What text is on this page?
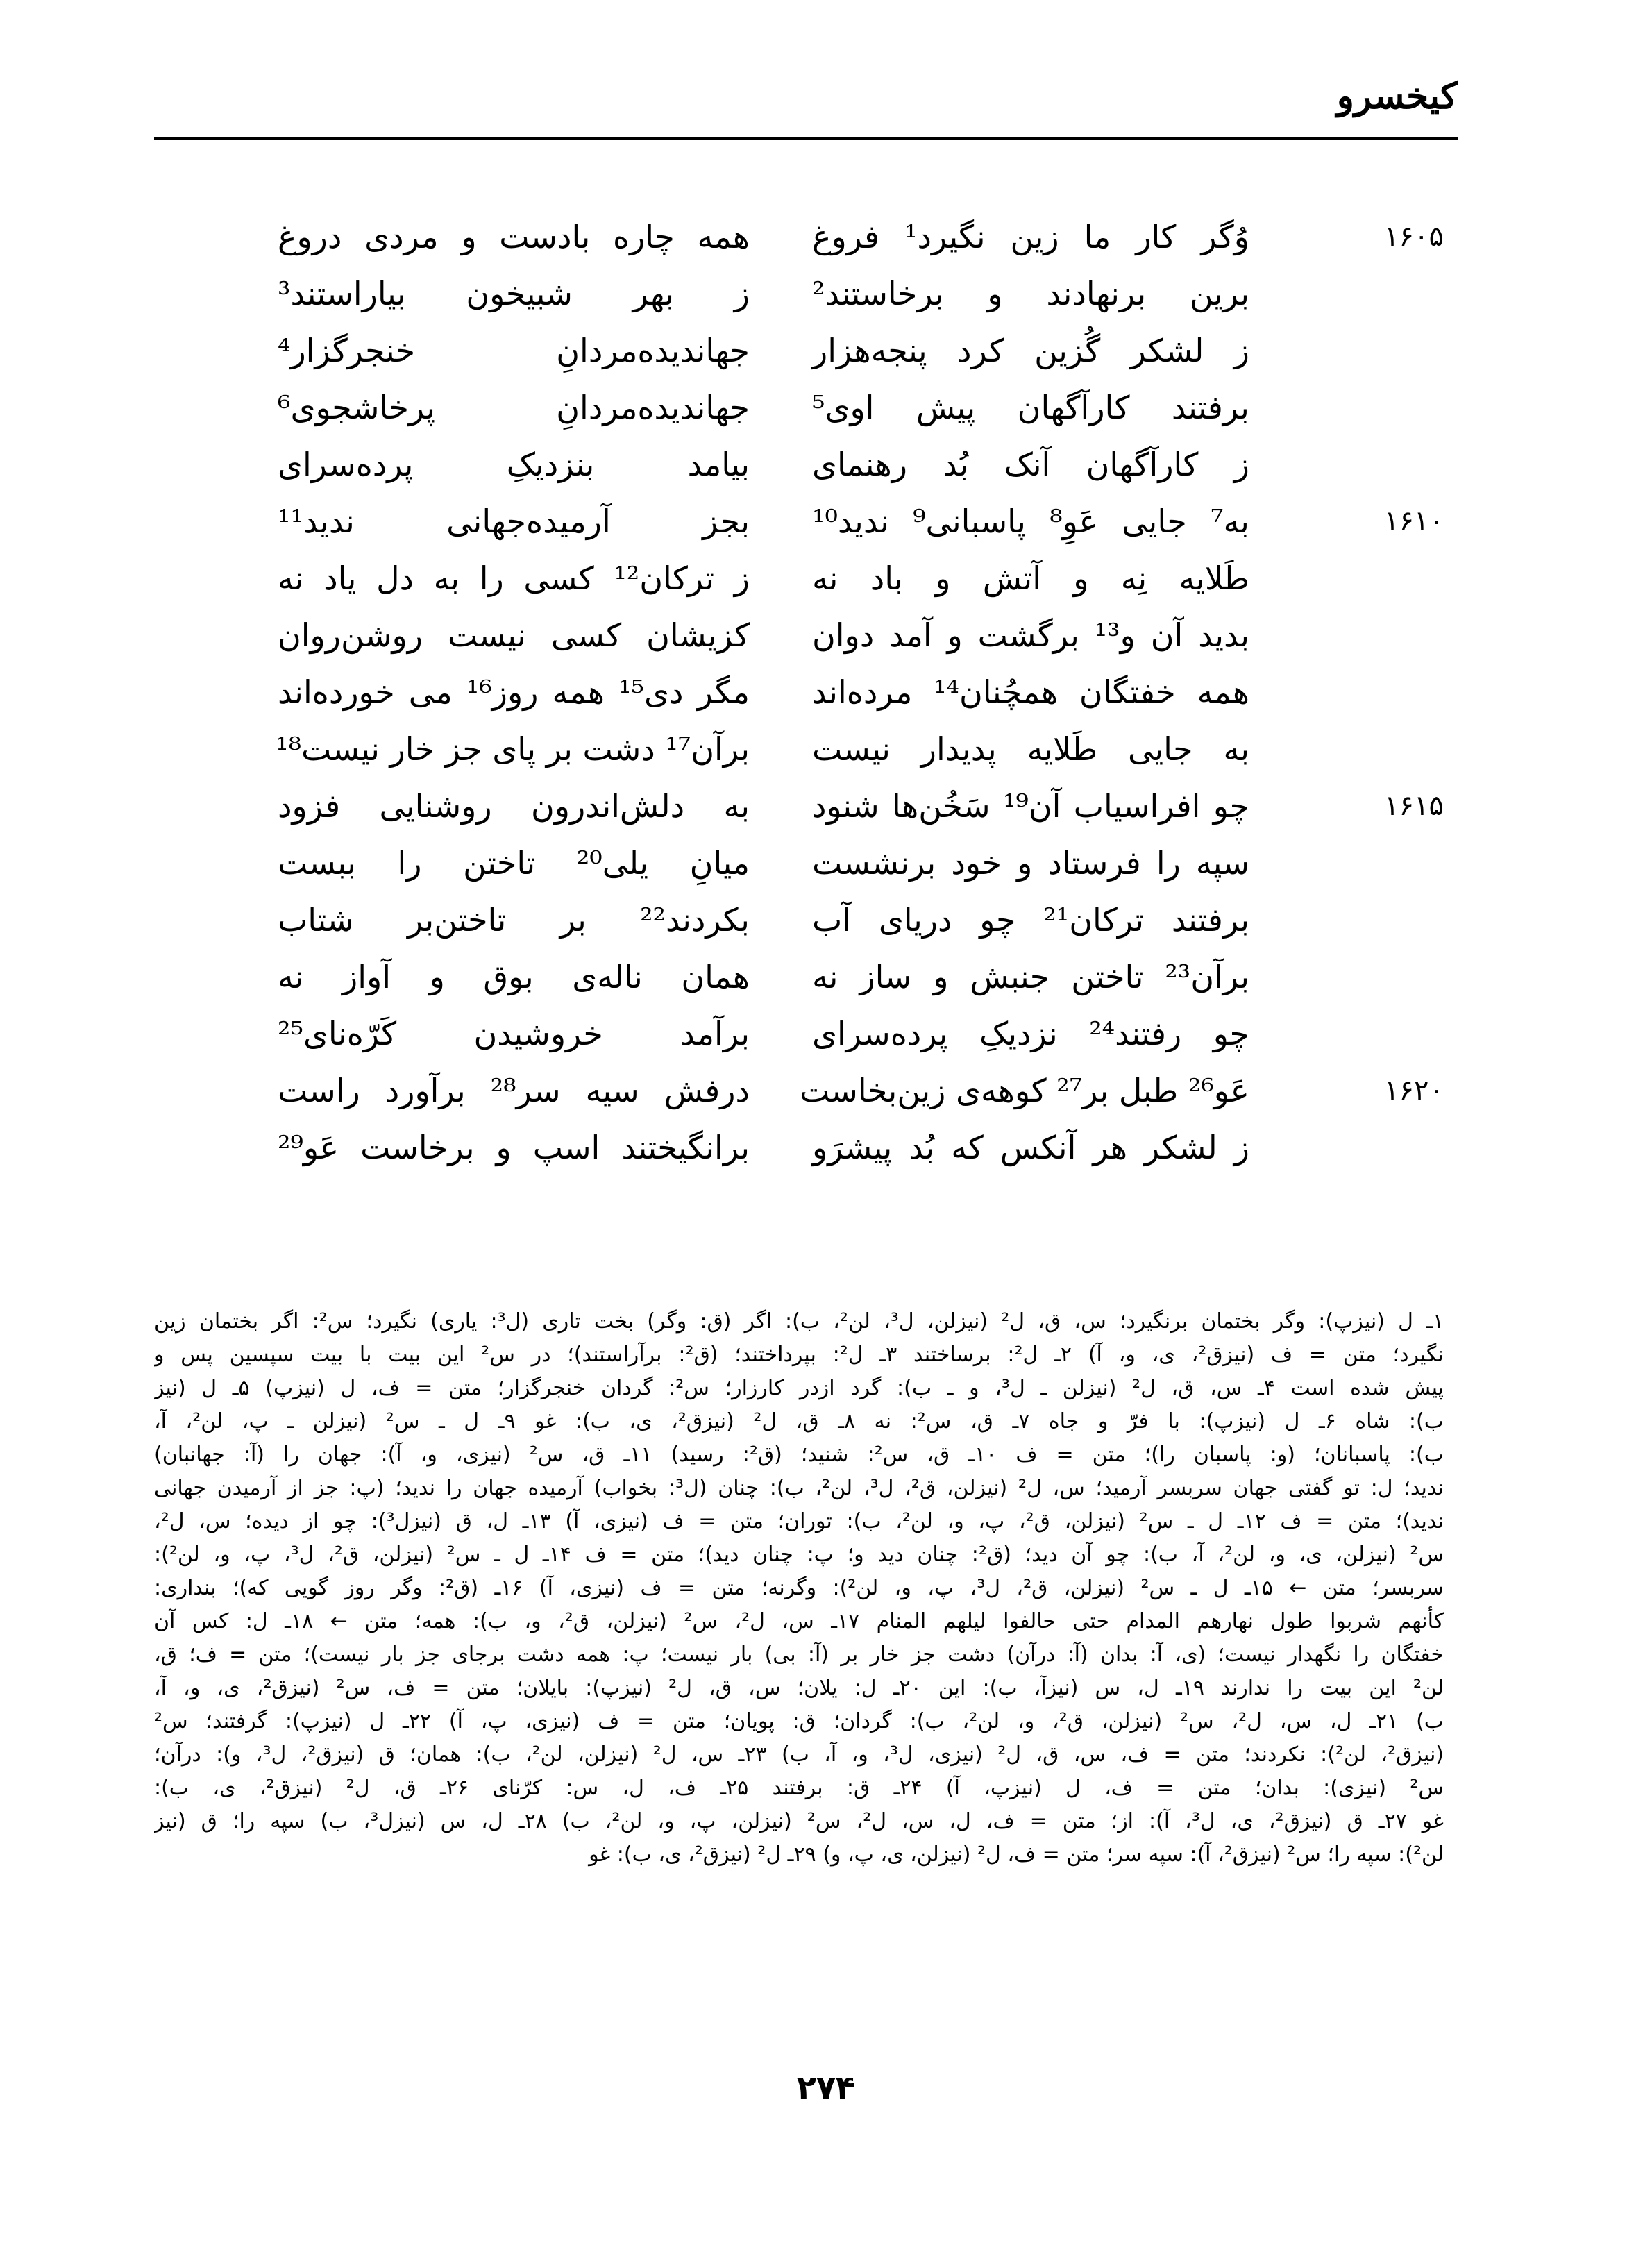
کیخسرو
۱۶۰۵
وُگر کار ما زین نگیرد¹ فروغ
همه چاره بادست و مردی دروغ
برین برنهادند و برخاستند²
ز بهر شبیخون بیاراستند³
ز لشکر گُزین کرد پنجه‌هزار
جهاندیده‌مردانِ خنجرگزار⁴
برفتند کارآگهان پیش اوی⁵
جهاندیده‌مردانِ پرخاشجوی⁶
ز کارآگهان آنک بُد رهنمای
بیامد بنزدیکِ پرده‌سرای
۱۶۱۰
به⁷ جایی عَوِ⁸ پاسبانی⁹ ندید¹⁰
بجز آرمیده‌جهانی ندید¹¹
طَلایه نِه و آتش و باد نه
ز ترکان¹² کسی را به دل یاد نه
بدید آن و¹³ برگشت و آمد دوان
کزیشان کسی نیست روشن‌روان
همه خفتگان همچُنان¹⁴ مرده‌اند
مگر دی¹⁵ همه روز¹⁶ می خورده‌اند
به جایی طَلایه پدیدار نیست
برآن¹⁷ دشت بر پای جز خار نیست¹⁸
۱۶۱۵
چو افراسیاب آن¹⁹ سَخُن‌ها شنود
به دلش‌اندرون روشنایی فزود
سپه را فرستاد و خود برنشست
میانِ یلی²⁰ تاختن را ببست
برفتند ترکان²¹ چو دریای آب
بکردند²² بر تاختن‌بر شتاب
برآن²³ تاختن جنبش و ساز نه
همان ناله‌ی بوق و آواز نه
چو رفتند²⁴ نزدیکِ پرده‌سرای
برآمد خروشیدن کَرّه‌نای²⁵
۱۶۲۰
عَو²⁶ طبل بر²⁷ کوهه‌ی زین‌بخاست
درفش سیه سر²⁸ برآورد راست
ز لشکر هر آنکس که بُد پیشرَو
برانگیختند اسپ و برخاست عَو²⁹
۱ـ ل (نیزپ): وگر بختمان برنگیرد؛ س، ق، ل² (نیزلن، ل³، لن²، ب): اگر (ق: وگر) بخت تاری (ل³: یاری) نگیرد؛ س²: اگر بختمان زین
نگیرد؛ متن = ف (نیزق²، ی، و، آ) ۲ـ ل²: برساختند ۳ـ ل²: بپرداختند؛ (ق²: برآراستند)؛ در س² این بیت با بیت سپسین پس و
پیش شده است ۴ـ س، ق، ل² (نیزلن ـ ل³، و ـ ب): گرد ازدر کارزار؛ س²: گردان خنجرگزار؛ متن = ف، ل (نیزپ) ۵ـ ل (نیز
ب): شاه ۶ـ ل (نیزپ): با فرّ و جاه ۷ـ ق، س²: نه ۸ـ ق، ل² (نیزق²، ی، ب): غو ۹ـ ل ـ س² (نیزلن ـ پ، لن²، آ،
ب): پاسبانان؛ (و: پاسبان را)؛ متن = ف ۱۰ـ ق، س²: شنید؛ (ق²: رسید) ۱۱ـ ق، س² (نیزی، و، آ): جهان را (آ: جهانبان)
ندید؛ ل: تو گفتی جهان سربسر آرمید؛ س، ل² (نیزلن، ق²، ل³، لن²، ب): چنان (ل³: بخواب) آرمیده جهان را ندید؛ (پ: جز از آرمیدن جهانی
ندید)؛ متن = ف ۱۲ـ ل ـ س² (نیزلن، ق²، پ، و، لن²، ب): توران؛ متن = ف (نیزی، آ) ۱۳ـ ل، ق (نیزل³): چو از دیده؛ س، ل²،
س² (نیزلن، ی، و، لن²، آ، ب): چو آن دید؛ (ق²: چنان دید و؛ پ: چنان دید)؛ متن = ف ۱۴ـ ل ـ س² (نیزلن، ق²، ل³، پ، و، لن²):
سربسر؛ متن ← ۱۵ـ ل ـ س² (نیزلن، ق²، ل³، پ، و، لن²): وگرنه؛ متن = ف (نیزی، آ) ۱۶ـ (ق²: وگر روز گویی که)؛ بنداری:
کأنهم شربوا طول نهارهم المدام حتی حالفوا لیلهم المنام ۱۷ـ س، ل²، س² (نیزلن، ق²، و، ب): همه؛ متن ← ۱۸ـ ل: کس آن
خفتگان را نگهدار نیست؛ (ی، آ: بدان (آ: درآن) دشت جز خار بر (آ: بی) بار نیست؛ پ: همه دشت برجای جز بار نیست)؛ متن = ف؛ ق،
لن² این بیت را ندارند ۱۹ـ ل، س (نیزآ، ب): این ۲۰ـ ل: یلان؛ س، ق، ل² (نیزپ): بایلان؛ متن = ف، س² (نیزق²، ی، و، آ،
ب) ۲۱ـ ل، س، ل²، س² (نیزلن، ق²، و، لن²، ب): گردان؛ ق: پویان؛ متن = ف (نیزی، پ، آ) ۲۲ـ ل (نیزپ): گرفتند؛ س²
(نیزق²، لن²): نکردند؛ متن = ف، س، ق، ل² (نیزی، ل³، و، آ، ب) ۲۳ـ س، ل² (نیزلن، لن²، ب): همان؛ ق (نیزق²، ل³، و): درآن؛
س² (نیزی): بدان؛ متن = ف، ل (نیزپ، آ) ۲۴ـ ق: برفتند ۲۵ـ ف، ل، س: کرّنای ۲۶ـ ق، ل² (نیزق²، ی، ب):
غو ۲۷ـ ق (نیزق²، ی، ل³، آ): از؛ متن = ف، ل، س، ل²، س² (نیزلن، پ، و، لن²، ب) ۲۸ـ ل، س (نیزل³، ب) سپه را؛ ق (نیز
لن²): سپه را؛ س² (نیزق²، آ): سپه سر؛ متن = ف، ل² (نیزلن، ی، پ، و) ۲۹ـ ل² (نیزق²، ی، ب): غو
۲۷۴
